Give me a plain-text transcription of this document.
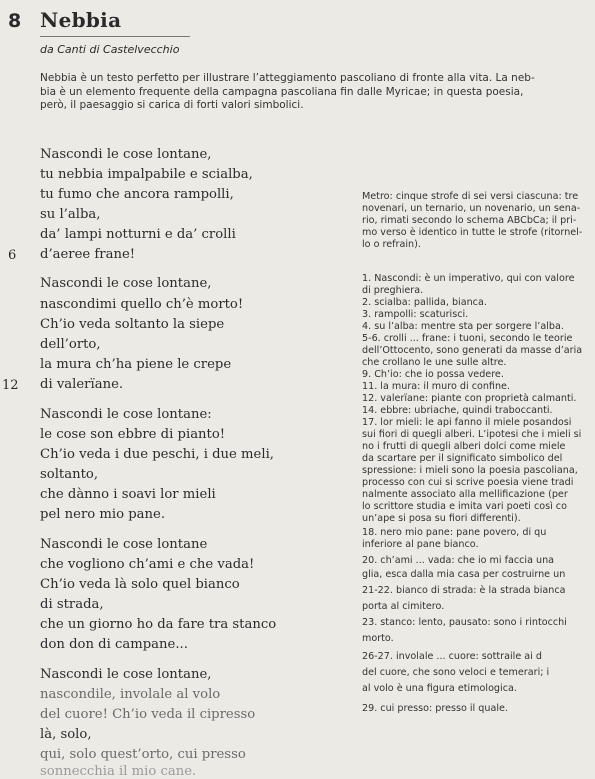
8 Nebbia
da Canti di Castelvecchio
Nebbia è un testo perfetto per illustrare l’atteggiamento pascoliano di fronte alla vita. La neb-
bia è un elemento frequente della campagna pascoliana fin dalle Myricae; in questa poesia,
però, il paesaggio si carica di forti valori simbolici.
Nascondi le cose lontane,
tu nebbia impalpabile e scialba,
tu fumo che ancora rampolli,
su l’alba,
da’ lampi notturni e da’ crolli
d’aeree frane!
6
Nascondi le cose lontane,
nascondimi quello ch’è morto!
Ch’io veda soltanto la siepe
dell’orto,
la mura ch’ha piene le crepe
di valerïane.
12
Nascondi le cose lontane:
le cose son ebbre di pianto!
Ch’io veda i due peschi, i due meli,
soltanto,
che dànno i soavi lor mieli
pel nero mio pane.
Nascondi le cose lontane
che vogliono ch’ami e che vada!
Ch’io veda là solo quel bianco
di strada,
che un giorno ho da fare tra stanco
don don di campane...
Nascondi le cose lontane,
nascondile, involale al volo
del cuore! Ch’io veda il cipresso
là, solo,
qui, solo quest’orto, cui presso
sonnecchia il mio cane.
Metro: cinque strofe di sei versi ciascuna: tre
novenari, un ternario, un novenario, un sena-
rio, rimati secondo lo schema ABCbCa; il pri-
mo verso è identico in tutte le strofe (ritornel-
lo o refrain).
1. Nascondi: è un imperativo, qui con valore
di preghiera.
2. scialba: pallida, bianca.
3. rampolli: scaturisci.
4. su l’alba: mentre sta per sorgere l’alba.
5-6. crolli ... frane: i tuoni, secondo le teorie
dell’Ottocento, sono generati da masse d’aria
che crollano le une sulle altre.
9. Ch’io: che io possa vedere.
11. la mura: il muro di confine.
12. valerïane: piante con proprietà calmanti.
14. ebbre: ubriache, quindi traboccanti.
17. lor mieli: le api fanno il miele posandosi
sui fiori di quegli alberi. L’ipotesi che i mieli si
no i frutti di quegli alberi dolci come miele
da scartare per il significato simbolico del
spressione: i mieli sono la poesia pascoliana,
processo con cui si scrive poesia viene tradi
nalmente associato alla mellificazione (per
lo scrittore studia e imita vari poeti così co
un’ape si posa su fiori differenti).
18. nero mio pane: pane povero, di qu
inferiore al pane bianco.
20. ch’ami ... vada: che io mi faccia una
glia, esca dalla mia casa per costruirne un
21-22. bianco di strada: è la strada bianca
porta al cimitero.
23. stanco: lento, pausato: sono i rintocchi
morto.
26-27. involale ... cuore: sottraile ai d
del cuore, che sono veloci e temerari; i
al volo è una figura etimologica.
29. cui presso: presso il quale.
